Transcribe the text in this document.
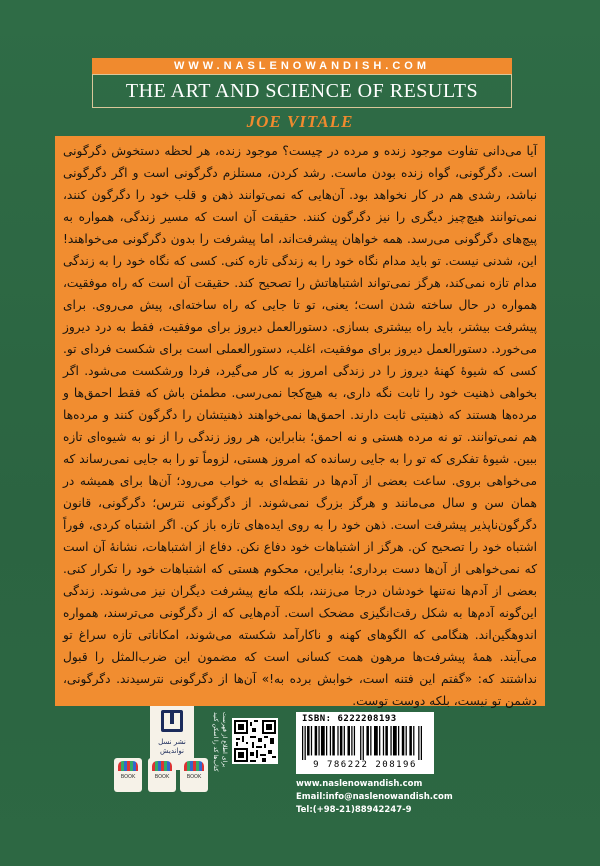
WWW.NASLENOWANDISH.COM
THE ART AND SCIENCE OF RESULTS
JOE VITALE

آیا می‌دانی تفاوت موجود زنده و مرده در چیست؟ موجود زنده، هر لحظه دستخوش دگرگونی است. دگرگونی، گواه زنده بودن ماست. رشد کردن، مستلزم دگرگونی است و اگر دگرگونی نباشد، رشدی هم در کار نخواهد بود. آن‌هایی که نمی‌توانند ذهن و قلب خود را دگرگون کنند، نمی‌توانند هیچ‌چیز دیگری را نیز دگرگون کنند. حقیقت آن است که مسیر زندگی، همواره به پیچ‌های دگرگونی می‌رسد. همه خواهان پیشرفت‌اند، اما پیشرفت را بدون دگرگونی می‌خواهند! این، شدنی نیست. تو باید مدام نگاه خود را به زندگی تازه کنی. کسی که نگاه خود را به زندگی مدام تازه نمی‌کند، هرگز نمی‌تواند اشتباهاتش را تصحیح کند. حقیقت آن است که راه موفقیت، همواره در حال ساخته شدن است؛ یعنی، تو تا جایی که راه ساخته‌ای، پیش می‌روی. برای پیشرفت بیشتر، باید راه بیشتری بسازی. دستورالعمل دیروز برای موفقیت، فقط به درد دیروز می‌خورد. دستورالعمل دیروز برای موفقیت، اغلب، دستورالعملی است برای شکست فردای تو. کسی که شیوهٔ کهنهٔ دیروز را در زندگی امروز به کار می‌گیرد، فردا ورشکست می‌شود. اگر بخواهی ذهنیت خود را ثابت نگه داری، به هیچ‌کجا نمی‌رسی. مطمئن باش که فقط احمق‌ها و مرده‌ها هستند که ذهنیتی ثابت دارند. احمق‌ها نمی‌خواهند ذهنیتشان را دگرگون کنند و مرده‌ها هم نمی‌توانند. تو نه مرده هستی و نه احمق؛ بنابراین، هر روز زندگی را از نو به شیوه‌ای تازه ببین. شیوهٔ تفکری که تو را به جایی رسانده که امروز هستی، لزوماً تو را به جایی نمی‌رساند که می‌خواهی بروی. ساعت بعضی از آدم‌ها در نقطه‌ای به خواب می‌رود؛ آن‌ها برای همیشه در همان سن و سال می‌مانند و هرگز بزرگ نمی‌شوند. از دگرگونی نترس؛ دگرگونی، قانون دگرگون‌ناپذیر پیشرفت است. ذهن خود را به روی ایده‌های تازه باز کن. اگر اشتباه کردی، فوراً اشتباه خود را تصحیح کن. هرگز از اشتباهات خود دفاع نکن. دفاع از اشتباهات، نشانهٔ آن است که نمی‌خواهی از آن‌ها دست برداری؛ بنابراین، محکوم هستی که اشتباهات خود را تکرار کنی. بعضی از آدم‌ها نه‌تنها خودشان درجا می‌زنند، بلکه مانع پیشرفت دیگران نیز می‌شوند. زندگی این‌گونه آدم‌ها به شکل رقت‌انگیزی مضحک است. آدم‌هایی که از دگرگونی می‌ترسند، همواره اندوهگین‌اند. هنگامی که الگوهای کهنه و ناکارآمد شکسته می‌شوند، امکاناتی تازه سراغ تو می‌آیند. همهٔ پیشرفت‌ها مرهون همت کسانی است که مضمون این ضرب‌المثل را قبول نداشتند که: «گفتم این فتنه است، خوابش برده به!» آن‌ها از دگرگونی نترسیدند. دگرگونی، دشمن تو نیست، بلکه دوست توست.

نشر نسل نواندیش
BOOK	BOOK	BOOK
برای اطلاع از فهرست کتاب‌ها کد را اسکن کنید	ISBN: 6222208193
9 786222 208196
www.naslenowandish.com
Email:info@naslenowandish.com
Tel:(+98-21)88942247-9
